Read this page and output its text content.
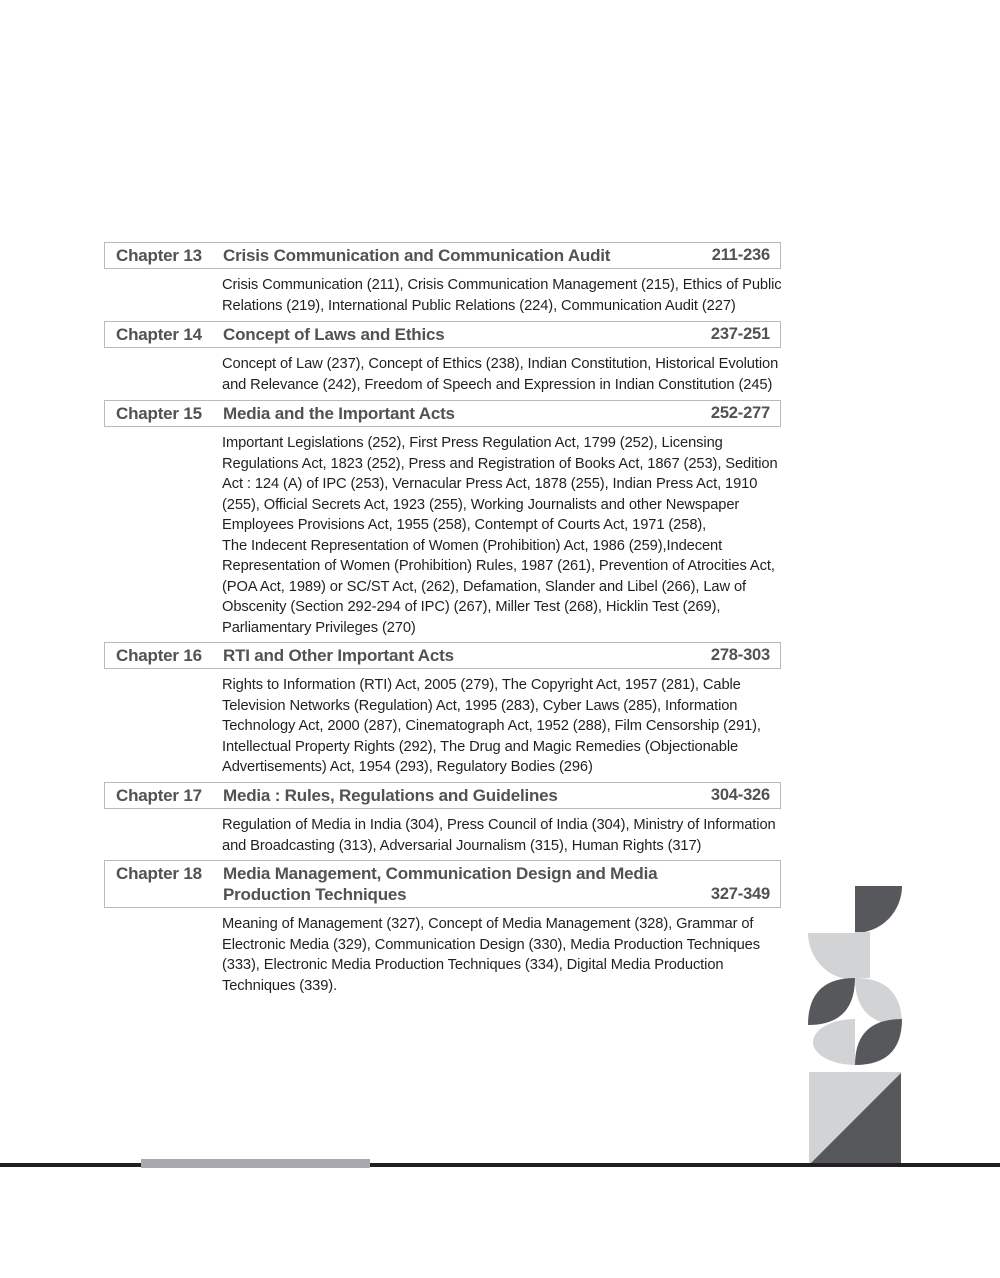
Chapter 13	Crisis Communication and Communication Audit	211-236

Crisis Communication (211), Crisis Communication Management (215), Ethics of Public Relations (219), International Public Relations (224), Communication Audit (227)

Chapter 14	Concept of Laws and Ethics	237-251

Concept of Law (237), Concept of Ethics (238), Indian Constitution, Historical Evolution and Relevance (242), Freedom of Speech and Expression in Indian Constitution (245)

Chapter 15	Media and the Important Acts	252-277

Important Legislations (252), First Press Regulation Act, 1799 (252), Licensing Regulations Act, 1823 (252), Press and Registration of Books Act, 1867 (253), Sedition Act : 124 (A) of IPC (253), Vernacular Press Act, 1878 (255), Indian Press Act, 1910 (255), Official Secrets Act, 1923 (255), Working Journalists and other Newspaper Employees Provisions Act, 1955 (258), Contempt of Courts Act, 1971 (258),

The Indecent Representation of Women (Prohibition) Act, 1986 (259),Indecent Representation of Women (Prohibition) Rules, 1987 (261), Prevention of Atrocities Act, (POA Act, 1989) or SC/ST Act, (262), Defamation, Slander and Libel (266), Law of Obscenity (Section 292-294 of IPC) (267), Miller Test (268), Hicklin Test (269), Parliamentary Privileges (270)

Chapter 16	RTI and Other Important Acts	278-303

Rights to Information (RTI) Act, 2005 (279), The Copyright Act, 1957 (281), Cable Television Networks (Regulation) Act, 1995 (283), Cyber Laws (285), Information Technology Act, 2000 (287), Cinematograph Act, 1952 (288), Film Censorship (291), Intellectual Property Rights (292), The Drug and Magic Remedies (Objectionable Advertisements) Act, 1954 (293), Regulatory Bodies (296)

Chapter 17	Media : Rules, Regulations and Guidelines	304-326

Regulation of Media in India (304), Press Council of India (304), Ministry of Information and Broadcasting (313), Adversarial Journalism (315), Human Rights (317)

Chapter 18	Media Management, Communication Design and Media Production Techniques	327-349

Meaning of Management (327), Concept of Media Management (328), Grammar of Electronic Media (329), Communication Design (330), Media Production Techniques (333), Electronic Media Production Techniques (334), Digital Media Production Techniques (339).
